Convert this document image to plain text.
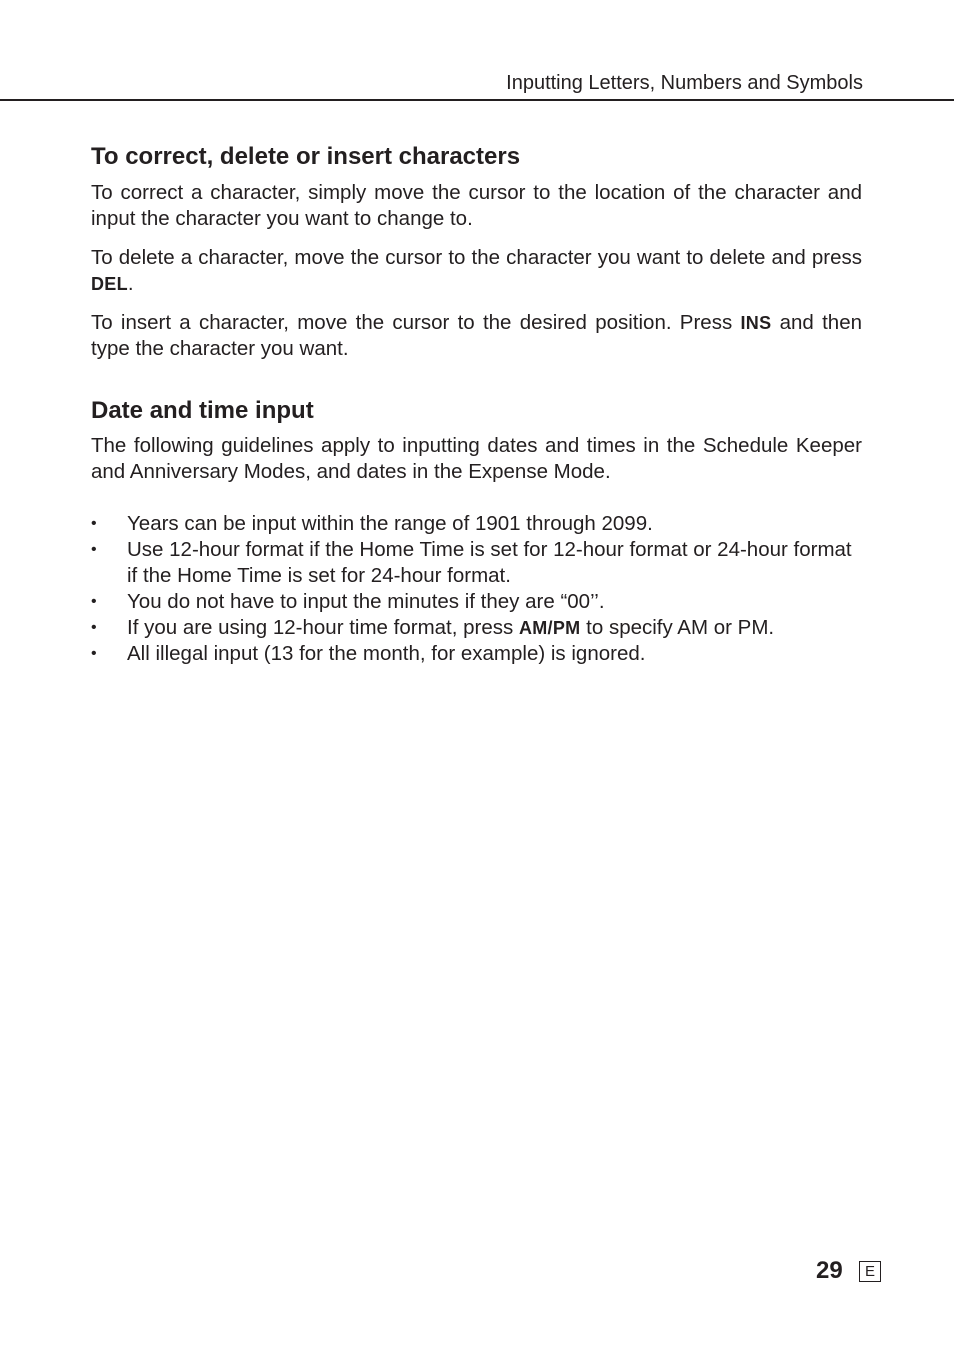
Inputting Letters, Numbers and Symbols
To correct, delete or insert characters

To correct a character, simply move the cursor to the location of the character and input the character you want to change to.

To delete a character, move the cursor to the character you want to delete and press DEL.

To insert a character, move the cursor to the desired position. Press INS and then type the character you want.

Date and time input

The following guidelines apply to inputting dates and times in the Schedule Keeper and Anniversary Modes, and dates in the Expense Mode.

• Years can be input within the range of 1901 through 2099.
• Use 12-hour format if the Home Time is set for 12-hour format or 24-hour format if the Home Time is set for 24-hour format.
• You do not have to input the minutes if they are “00’’.
• If you are using 12-hour time format, press AM/PM to specify AM or PM.
• All illegal input (13 for the month, for example) is ignored.
29	E
